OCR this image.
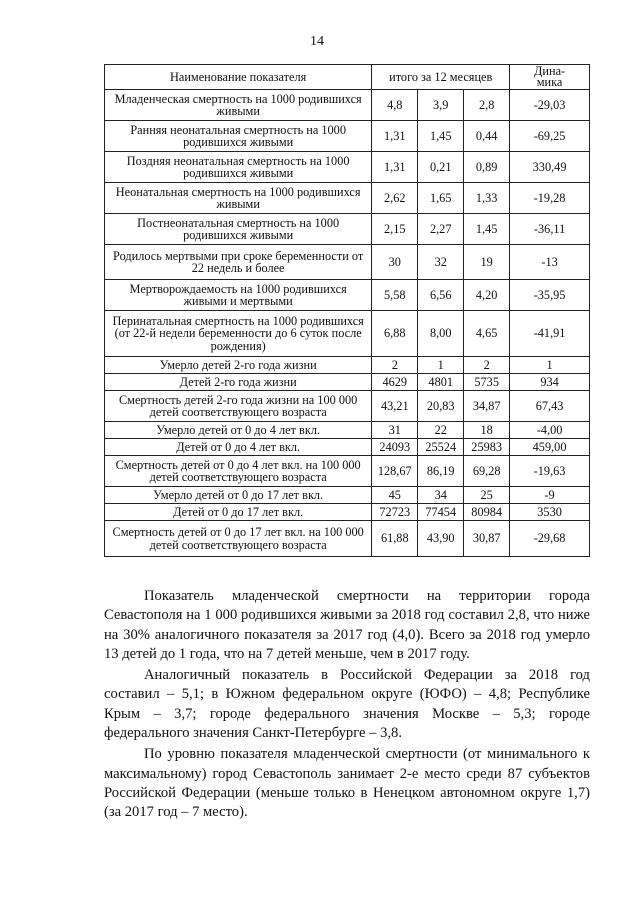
14
Наименование показателя	итого за 12 месяцев			Дина-
мика
Младенческая смертность на 1000 родившихся живыми	4,8	3,9	2,8	-29,03
Ранняя неонатальная смертность на 1000 родившихся живыми	1,31	1,45	0,44	-69,25
Поздняя неонатальная смертность на 1000 родившихся живыми	1,31	0,21	0,89	330,49
Неонатальная смертность на 1000 родившихся живыми	2,62	1,65	1,33	-19,28
Постнеонатальная смертность на 1000 родившихся живыми	2,15	2,27	1,45	-36,11
Родилось мертвыми при сроке беременности от 22 недель и более	30	32	19	-13
Мертворождаемость на 1000 родившихся живыми и мертвыми	5,58	6,56	4,20	-35,95
Перинатальная смертность на 1000 родившихся (от 22-й недели беременности до 6 суток после рождения)	6,88	8,00	4,65	-41,91
Умерло детей 2-го года жизни	2	1	2	1
Детей 2-го года жизни	4629	4801	5735	934
Смертность детей 2-го года жизни на 100 000 детей соответствующего возраста	43,21	20,83	34,87	67,43
Умерло детей от 0 до 4 лет вкл.	31	22	18	-4,00
Детей от 0 до 4 лет вкл.	24093	25524	25983	459,00
Смертность детей от 0 до 4 лет вкл. на 100 000 детей соответствующего возраста	128,67	86,19	69,28	-19,63
Умерло детей от 0 до 17 лет вкл.	45	34	25	-9
Детей от 0 до 17 лет вкл.	72723	77454	80984	3530
Смертность детей от 0 до 17 лет вкл. на 100 000 детей соответствующего возраста	61,88	43,90	30,87	-29,68

Показатель младенческой смертности на территории города Севастополя на 1 000 родившихся живыми за 2018 год составил 2,8, что ниже на 30% аналогичного показателя за 2017 год (4,0). Всего за 2018 год умерло 13 детей до 1 года, что на 7 детей меньше, чем в 2017 году.

Аналогичный показатель в Российской Федерации за 2018 год составил – 5,1; в Южном федеральном округе (ЮФО) – 4,8; Республике Крым – 3,7; городе федерального значения Москве – 5,3; городе федерального значения Санкт-Петербурге – 3,8.

По уровню показателя младенческой смертности (от минимального к максимальному) город Севастополь занимает 2-е место среди 87 субъектов Российской Федерации (меньше только в Ненецком автономном округе 1,7) (за 2017 год – 7 место).
